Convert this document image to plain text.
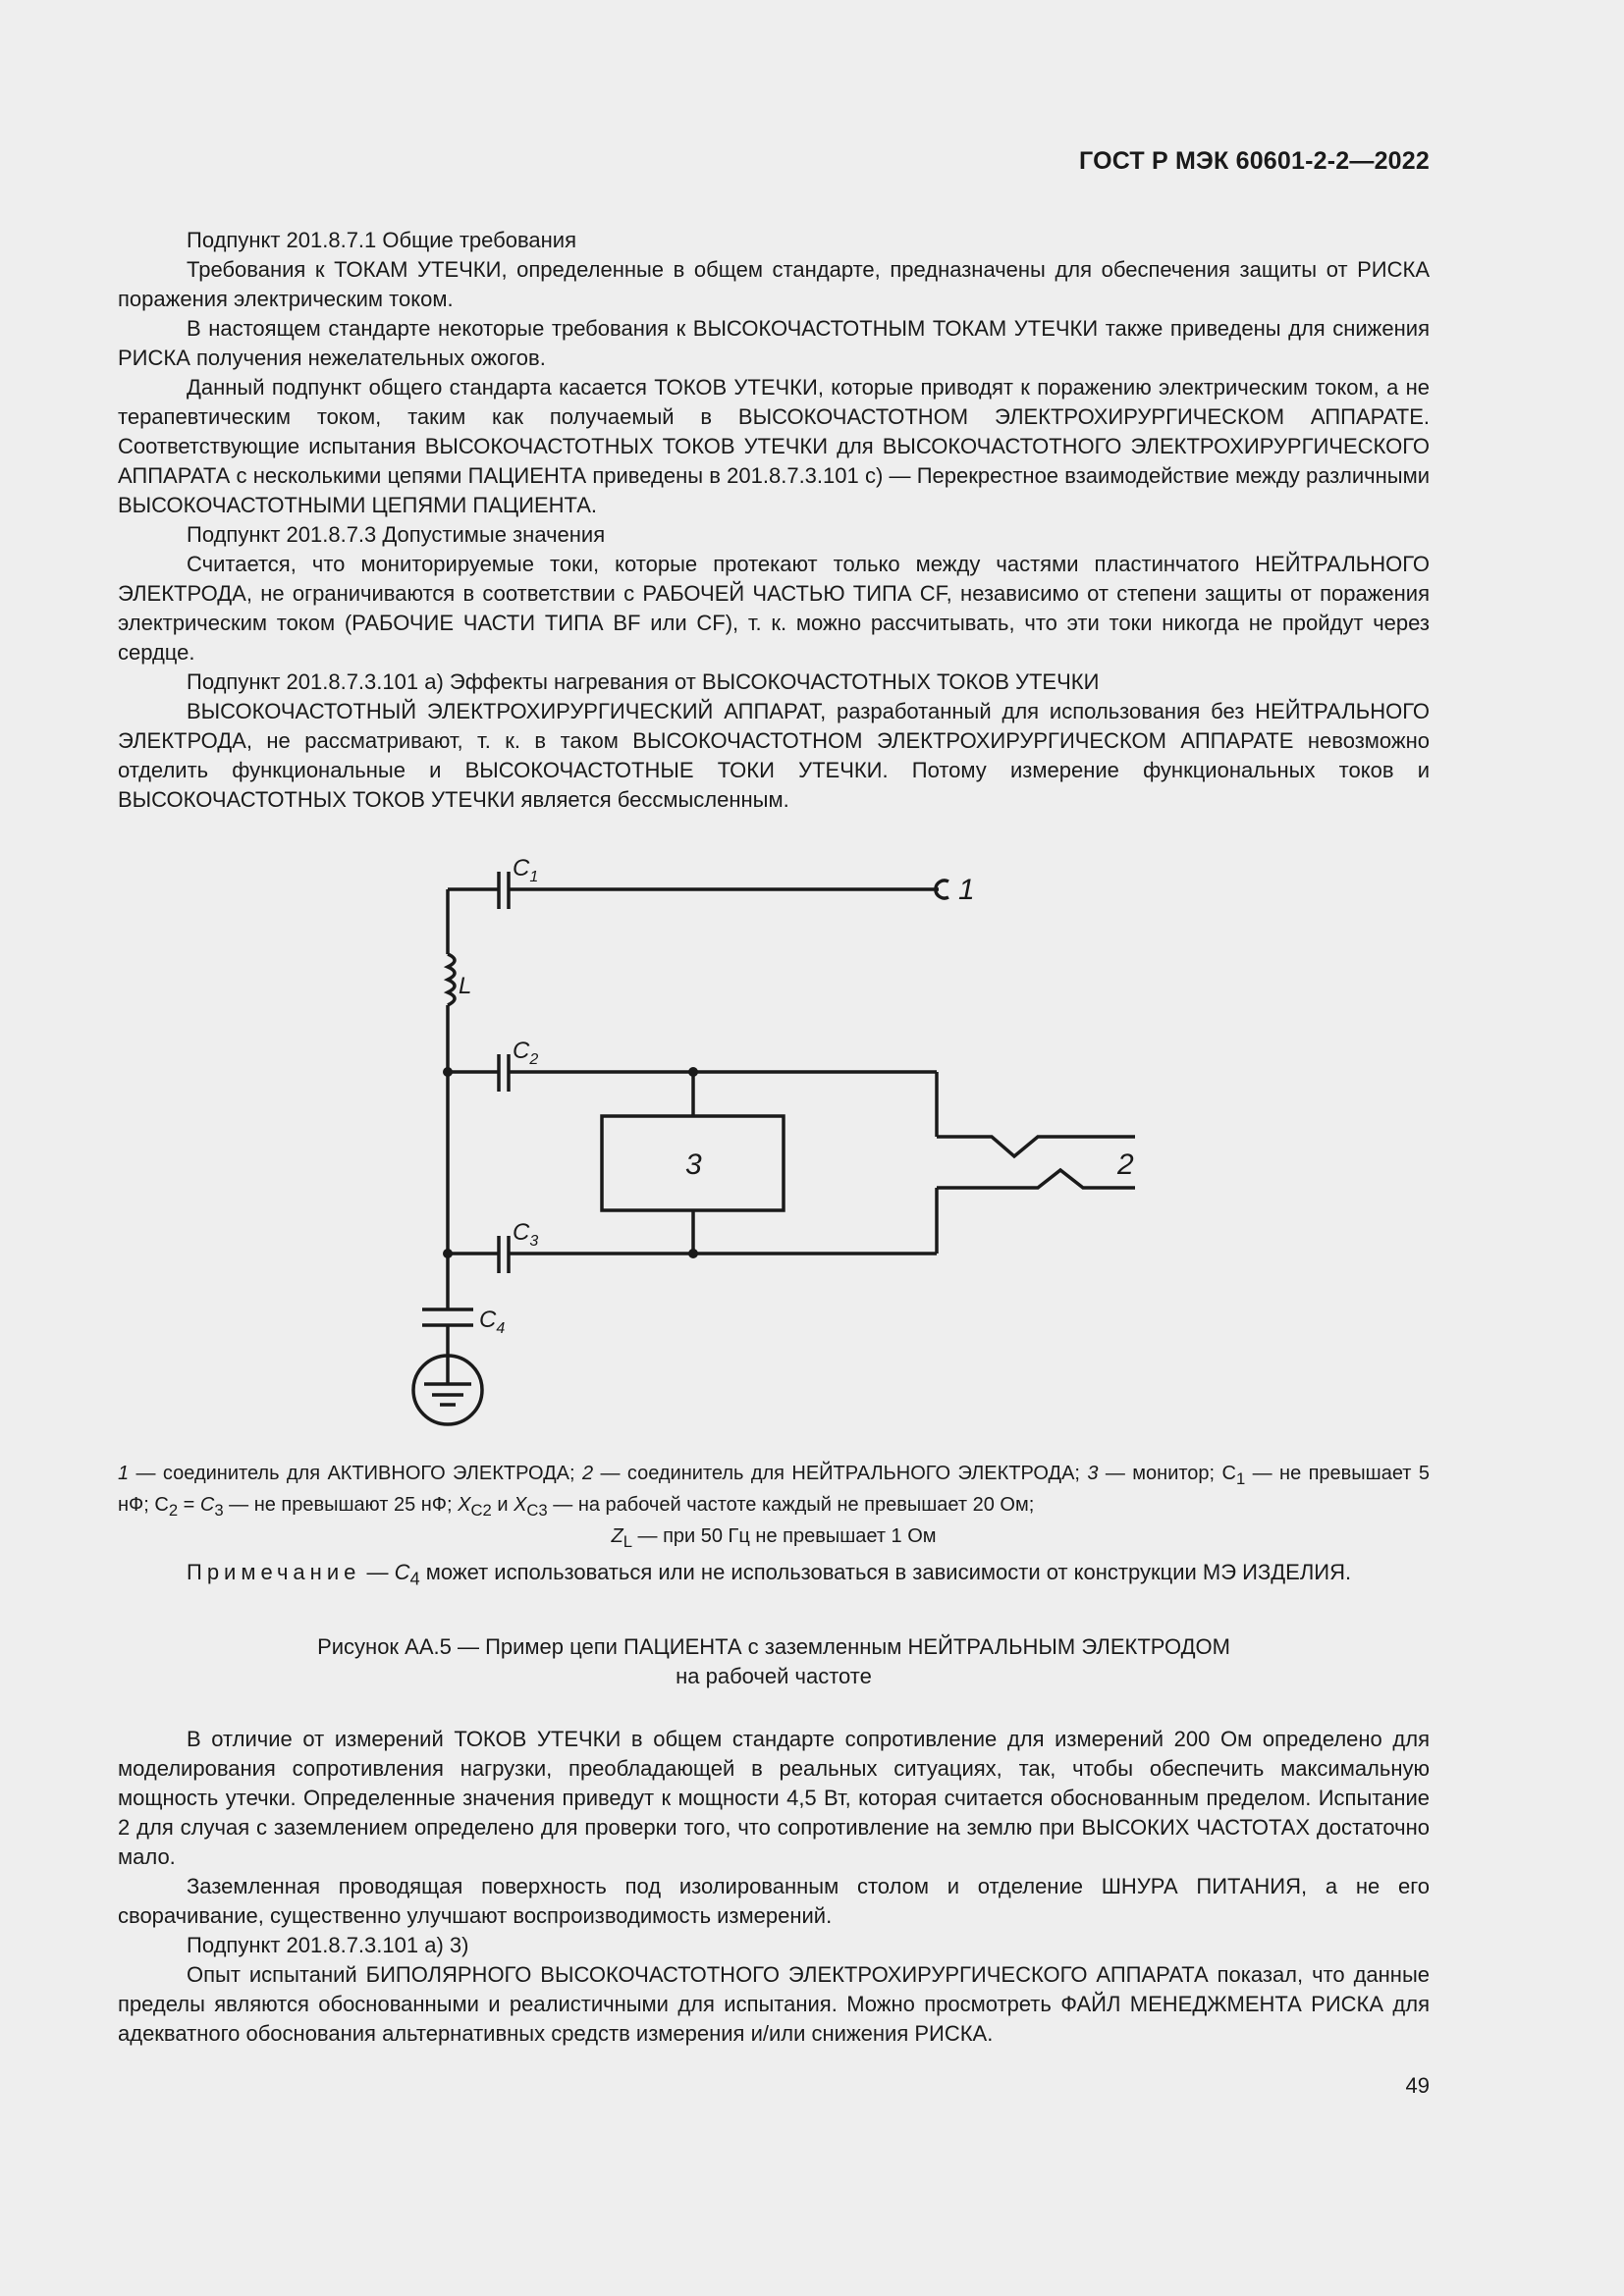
ГОСТ Р МЭК 60601-2-2—2022

Подпункт 201.8.7.1 Общие требования

Требования к ТОКАМ УТЕЧКИ, определенные в общем стандарте, предназначены для обеспечения защиты от РИСКА поражения электрическим током.

В настоящем стандарте некоторые требования к ВЫСОКОЧАСТОТНЫМ ТОКАМ УТЕЧКИ также приведены для снижения РИСКА получения нежелательных ожогов.

Данный подпункт общего стандарта касается ТОКОВ УТЕЧКИ, которые приводят к поражению электрическим током, а не терапевтическим током, таким как получаемый в ВЫСОКОЧАСТОТНОМ ЭЛЕКТРОХИРУРГИЧЕСКОМ АППАРАТЕ. Соответствующие испытания ВЫСОКОЧАСТОТНЫХ ТОКОВ УТЕЧКИ для ВЫСОКОЧАСТОТНОГО ЭЛЕКТРОХИРУРГИЧЕСКОГО АППАРАТА с несколькими цепями ПАЦИЕНТА приведены в 201.8.7.3.101 с) — Перекрестное взаимодействие между различными ВЫСОКОЧАСТОТНЫМИ ЦЕПЯМИ ПАЦИЕНТА.

Подпункт 201.8.7.3 Допустимые значения

Считается, что мониторируемые токи, которые протекают только между частями пластинчатого НЕЙТРАЛЬНОГО ЭЛЕКТРОДА, не ограничиваются в соответствии с РАБОЧЕЙ ЧАСТЬЮ ТИПА CF, независимо от степени защиты от поражения электрическим током (РАБОЧИЕ ЧАСТИ ТИПА BF или CF), т. к. можно рассчитывать, что эти токи никогда не пройдут через сердце.

Подпункт 201.8.7.3.101 а) Эффекты нагревания от ВЫСОКОЧАСТОТНЫХ ТОКОВ УТЕЧКИ

ВЫСОКОЧАСТОТНЫЙ ЭЛЕКТРОХИРУРГИЧЕСКИЙ АППАРАТ, разработанный для использования без НЕЙТРАЛЬНОГО ЭЛЕКТРОДА, не рассматривают, т. к. в таком ВЫСОКОЧАСТОТНОМ ЭЛЕКТРОХИРУРГИЧЕСКОМ АППАРАТЕ невозможно отделить функциональные и ВЫСОКОЧАСТОТНЫЕ ТОКИ УТЕЧКИ. Потому измерение функциональных токов и ВЫСОКОЧАСТОТНЫХ ТОКОВ УТЕЧКИ является бессмысленным.

$C_1$
L
$C_2$
$C_3$
$C_4$
1
2
3
1 — соединитель для АКТИВНОГО ЭЛЕКТРОДА; 2 — соединитель для НЕЙТРАЛЬНОГО ЭЛЕКТРОДА; 3 — монитор; $C_1$ — не превышает 5 нФ; $C_2 = C_3$ — не превышают 25 нФ; $X_{C2}$ и $X_{C3}$ — на рабочей частоте каждый не превышает 20 Ом;
$Z_L$ — при 50 Гц не превышает 1 Ом
Примечание — $C_4$ может использоваться или не использоваться в зависимости от конструкции МЭ ИЗДЕЛИЯ.
Рисунок АА.5 — Пример цепи ПАЦИЕНТА с заземленным НЕЙТРАЛЬНЫМ ЭЛЕКТРОДОМ
на рабочей частоте

В отличие от измерений ТОКОВ УТЕЧКИ в общем стандарте сопротивление для измерений 200 Ом определено для моделирования сопротивления нагрузки, преобладающей в реальных ситуациях, так, чтобы обеспечить максимальную мощность утечки. Определенные значения приведут к мощности 4,5 Вт, которая считается обоснованным пределом. Испытание 2 для случая с заземлением определено для проверки того, что сопротивление на землю при ВЫСОКИХ ЧАСТОТАХ достаточно мало.

Заземленная проводящая поверхность под изолированным столом и отделение ШНУРА ПИТАНИЯ, а не его сворачивание, существенно улучшают воспроизводимость измерений.

Подпункт 201.8.7.3.101 а) 3)

Опыт испытаний БИПОЛЯРНОГО ВЫСОКОЧАСТОТНОГО ЭЛЕКТРОХИРУРГИЧЕСКОГО АППАРАТА показал, что данные пределы являются обоснованными и реалистичными для испытания. Можно просмотреть ФАЙЛ МЕНЕДЖМЕНТА РИСКА для адекватного обоснования альтернативных средств измерения и/или снижения РИСКА.

49
